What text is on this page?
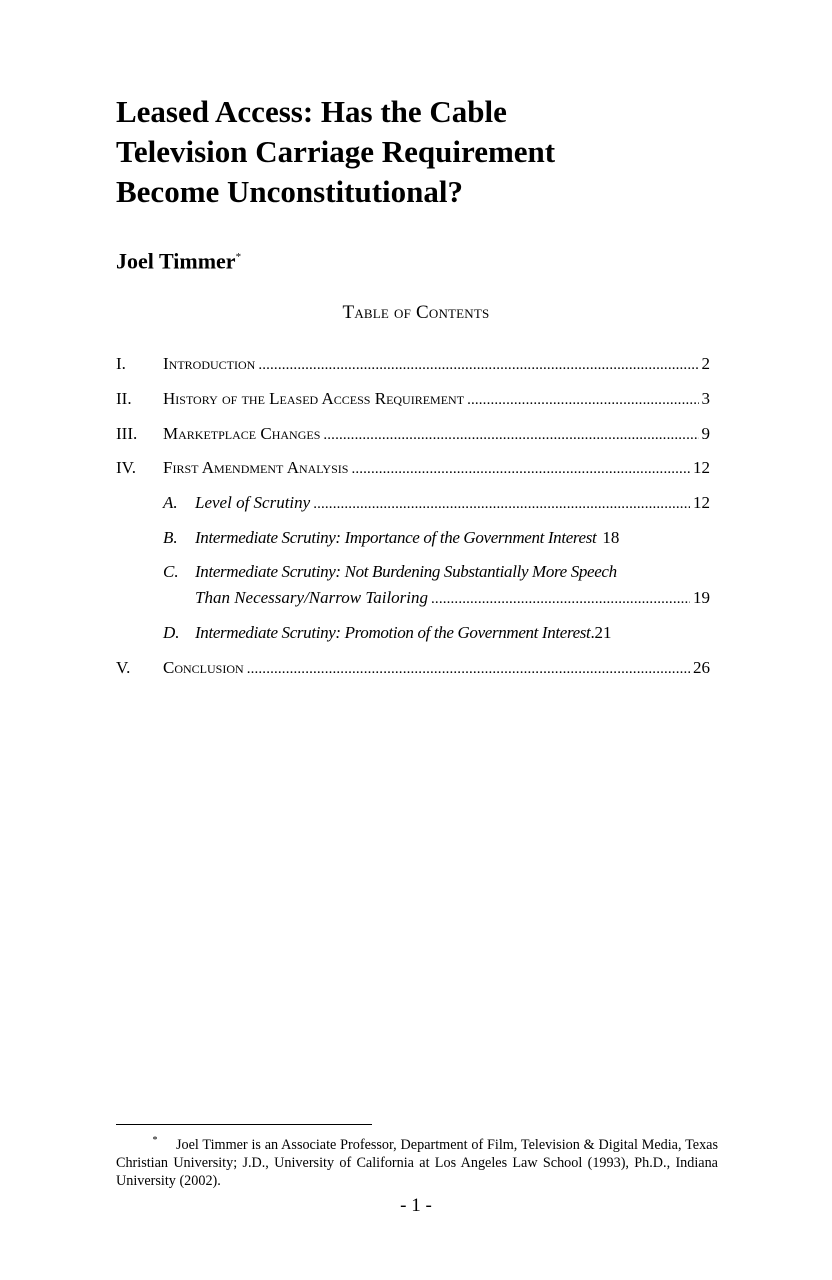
Leased Access: Has the Cable
Television Carriage Requirement
Become Unconstitutional?

Joel Timmer*

Table of Contents
I.	Introduction . . .	2
II.	History of the Leased Access Requirement . . .	3
III.	Marketplace Changes . . .	9
IV.	First Amendment Analysis . . .	12
A.	Level of Scrutiny . . .	12
B.	Intermediate Scrutiny: Importance of the Government Interest 18
C. Intermediate Scrutiny: Not Burdening Substantially More Speech
Than Necessary/Narrow Tailoring . . .	19
D. Intermediate Scrutiny: Promotion of the Government Interest . 21
V.	Conclusion . . .	26

* Joel Timmer is an Associate Professor, Department of Film, Television & Digital Media, Texas Christian University; J.D., University of California at Los Angeles Law School (1993), Ph.D., Indiana University (2002).

- 1 -
